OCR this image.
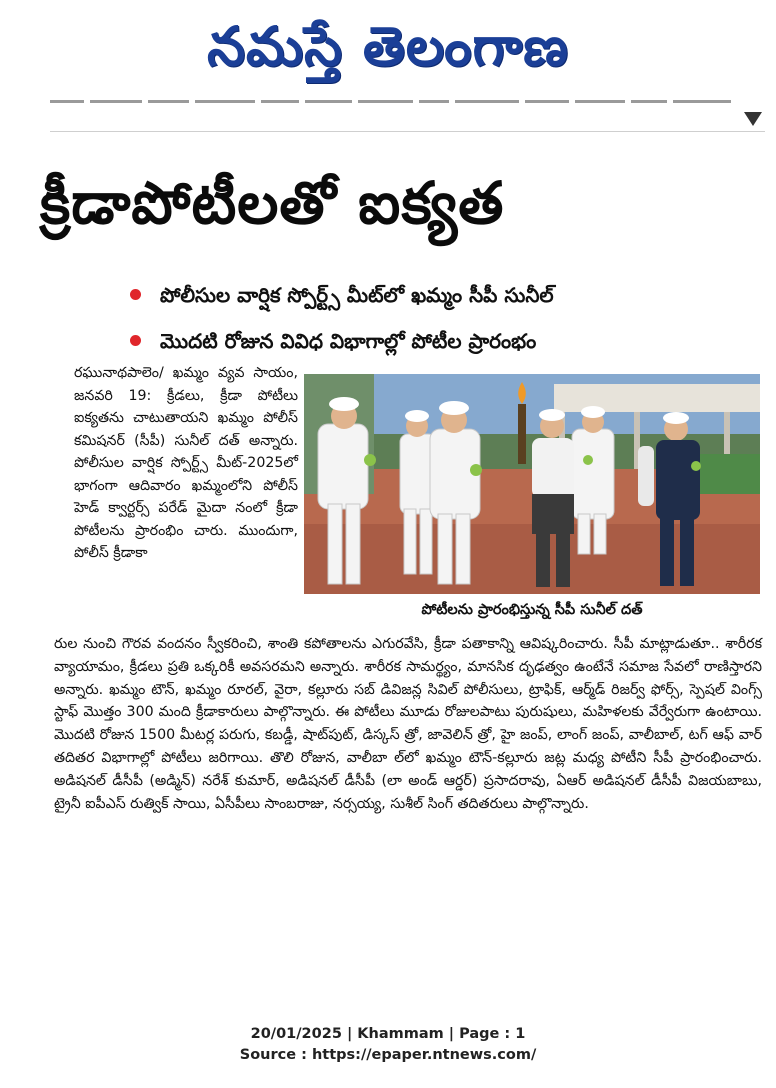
నమస్తే తెలంగాణ
క్రీడాపోటీలతో ఐక్యత
పోలీసుల వార్షిక స్పోర్ట్స్ మీట్‌లో ఖమ్మం సీపీ సునీల్
మొదటి రోజున వివిధ విభాగాల్లో పోటీల ప్రారంభం
రఘునాథపాలెం/ ఖమ్మం వ్యవ సాయం, జనవరి 19: క్రీడలు, క్రీడా పోటీలు ఐక్యతను చాటుతాయని ఖమ్మం పోలీస్ కమిషనర్ (సీపీ) సునీల్ దత్ అన్నారు. పోలీసుల వార్షిక స్పోర్ట్స్ మీట్-2025లో భాగంగా ఆదివారం ఖమ్మంలోని పోలీస్ హెడ్ క్వార్టర్స్ పరేడ్ మైదా నంలో క్రీడా పోటీలను ప్రారంభిం చారు. ముందుగా, పోలీస్ క్రీడాకా
పోటీలను ప్రారంభిస్తున్న సీపీ సునీల్ దత్
రుల నుంచి గౌరవ వందనం స్వీకరించి, శాంతి కపోతాలను ఎగురవేసి, క్రీడా పతాకాన్ని ఆవిష్కరించారు. సీపీ మాట్లాడుతూ.. శారీరక వ్యాయామం, క్రీడలు ప్రతి ఒక్కరికీ అవసరమని అన్నారు. శారీరక సామర్థ్యం, మానసిక దృఢత్వం ఉంటేనే సమాజ సేవలో రాణిస్తారని అన్నారు. ఖమ్మం టౌన్, ఖమ్మం రూరల్, వైరా, కల్లూరు సబ్ డివిజన్ల సివిల్ పోలీసులు, ట్రాఫిక్, ఆర్మ్‌డ్ రిజర్వ్ ఫోర్స్, స్పెషల్ వింగ్స్ స్టాఫ్ మొత్తం 300 మంది క్రీడాకారులు పాల్గొన్నారు. ఈ పోటీలు మూడు రోజులపాటు పురుషులు, మహిళలకు వేర్వేరుగా ఉంటాయి. మొదటి రోజున 1500 మీటర్ల పరుగు, కబడ్డీ, షాట్‌పుట్, డిస్కస్ త్రో, జావెలిన్ త్రో, హై జంప్, లాంగ్ జంప్, వాలీబాల్, టగ్ ఆఫ్ వార్ తదితర విభాగాల్లో పోటీలు జరిగాయి. తొలి రోజున, వాలీబా ల్‌లో ఖమ్మం టౌన్-కల్లూరు జట్ల మధ్య పోటీని సీపీ ప్రారంభించారు. అడిషనల్ డీసీపీ (అడ్మిన్) నరేశ్ కుమార్, అడిషనల్ డీసీపీ (లా అండ్ ఆర్డర్) ప్రసాదరావు, ఏఆర్ అడిషనల్ డీసీపీ విజయబాబు, ట్రైనీ ఐపీఎస్ రుత్విక్ సాయి, ఏసీపీలు సాంబరాజు, నర్సయ్య, సుశీల్ సింగ్ తదితరులు పాల్గొన్నారు.
20/01/2025 | Khammam | Page : 1
Source : https://epaper.ntnews.com/
